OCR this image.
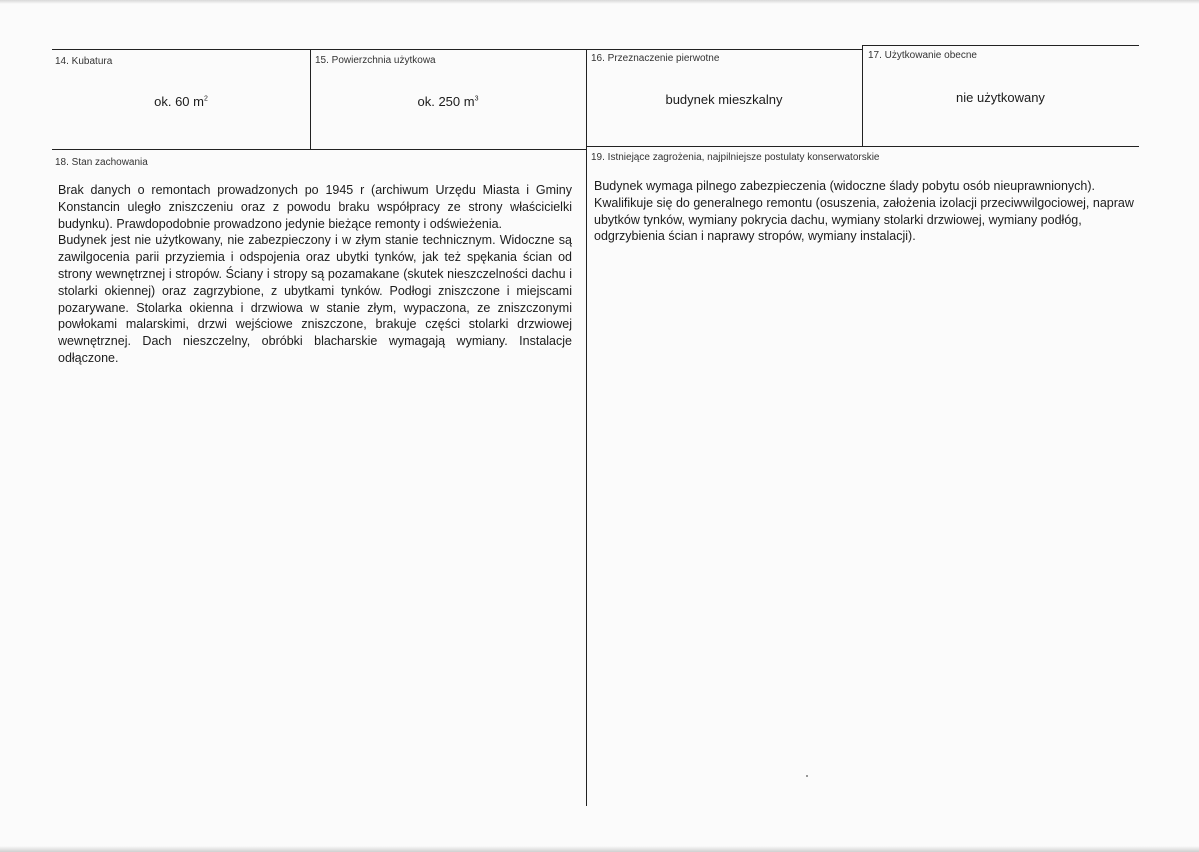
14. Kubatura
ok. 60 $m^2$
15. Powierzchnia użytkowa
ok. 250 $m^3$
16. Przeznaczenie pierwotne
budynek mieszkalny
17. Użytkowanie obecne
nie użytkowany
18. Stan zachowania
Brak danych o remontach prowadzonych po 1945 r (archiwum Urzędu Miasta i Gminy Konstancin uległo zniszczeniu oraz z powodu braku współpracy ze strony właścicielki budynku). Prawdopodobnie prowadzono jedynie bieżące remonty i odświeżenia.
Budynek jest nie użytkowany, nie zabezpieczony i w złym stanie technicznym. Widoczne są zawilgocenia parii przyziemia i odspojenia oraz ubytki tynków, jak też spękania ścian od strony wewnętrznej i stropów. Ściany i stropy są pozamakane (skutek nieszczelności dachu i stolarki okiennej) oraz zagrzybione, z ubytkami tynków. Podłogi zniszczone i miejscami pozarywane. Stolarka okienna i drzwiowa w stanie złym, wypaczona, ze zniszczonymi powłokami malarskimi, drzwi wejściowe zniszczone, brakuje części stolarki drzwiowej wewnętrznej. Dach nieszczelny, obróbki blacharskie wymagają wymiany. Instalacje odłączone.
19. Istniejące zagrożenia, najpilniejsze postulaty konserwatorskie
Budynek wymaga pilnego zabezpieczenia (widoczne ślady pobytu osób nieuprawnionych). Kwalifikuje się do generalnego remontu (osuszenia, założenia izolacji przeciwwilgociowej, napraw ubytków tynków, wymiany pokrycia dachu, wymiany stolarki drzwiowej, wymiany podłóg, odgrzybienia ścian i naprawy stropów, wymiany instalacji).
